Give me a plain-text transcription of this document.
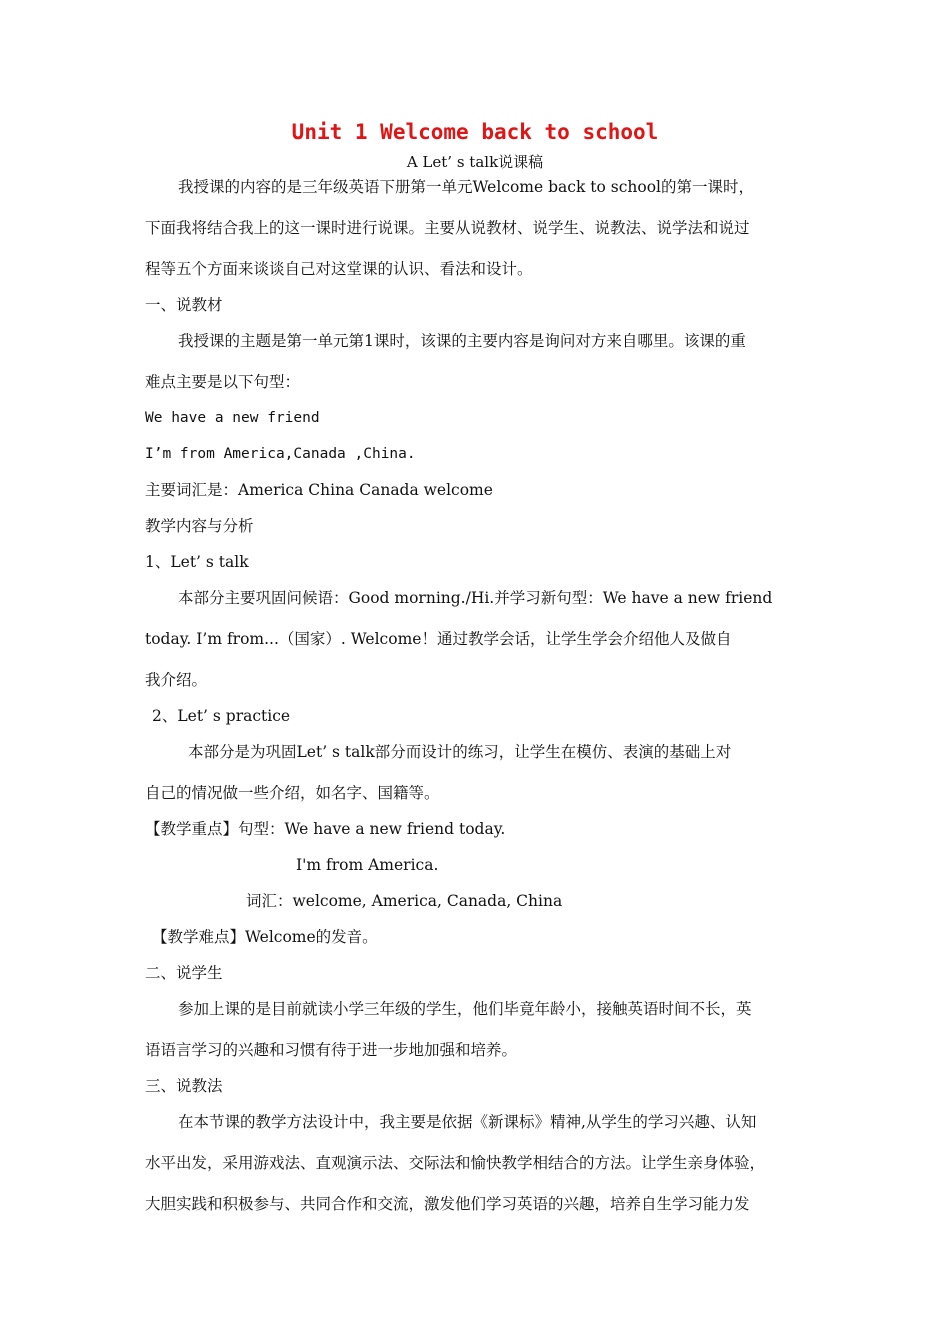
Unit 1 Welcome back to school
A Let’ s talk说课稿
我授课的内容的是三年级英语下册第一单元Welcome back to school的第一课时，
下面我将结合我上的这一课时进行说课。主要从说教材、说学生、说教法、说学法和说过
程等五个方面来谈谈自己对这堂课的认识、看法和设计。
一、说教材
我授课的主题是第一单元第1课时，该课的主要内容是询问对方来自哪里。该课的重
难点主要是以下句型：
We have a new friend
I’m from America,Canada ,China.
主要词汇是：America China Canada welcome
教学内容与分析
1、Let’ s talk
本部分主要巩固问候语：Good morning./Hi.并学习新句型：We have a new friend
today. I’m from...（国家）. Welcome！通过教学会话，让学生学会介绍他人及做自
我介绍。
2、Let’ s practice
本部分是为巩固Let’ s talk部分而设计的练习，让学生在模仿、表演的基础上对
自己的情况做一些介绍，如名字、国籍等。
【教学重点】句型：We have a new friend today.
I'm from America.
词汇：welcome, America, Canada, China
【教学难点】Welcome的发音。
二、说学生
参加上课的是目前就读小学三年级的学生，他们毕竟年龄小，接触英语时间不长，英
语语言学习的兴趣和习惯有待于进一步地加强和培养。
三、说教法
在本节课的教学方法设计中，我主要是依据《新课标》精神,从学生的学习兴趣、认知
水平出发，采用游戏法、直观演示法、交际法和愉快教学相结合的方法。让学生亲身体验，
大胆实践和积极参与、共同合作和交流，激发他们学习英语的兴趣，培养自生学习能力发
